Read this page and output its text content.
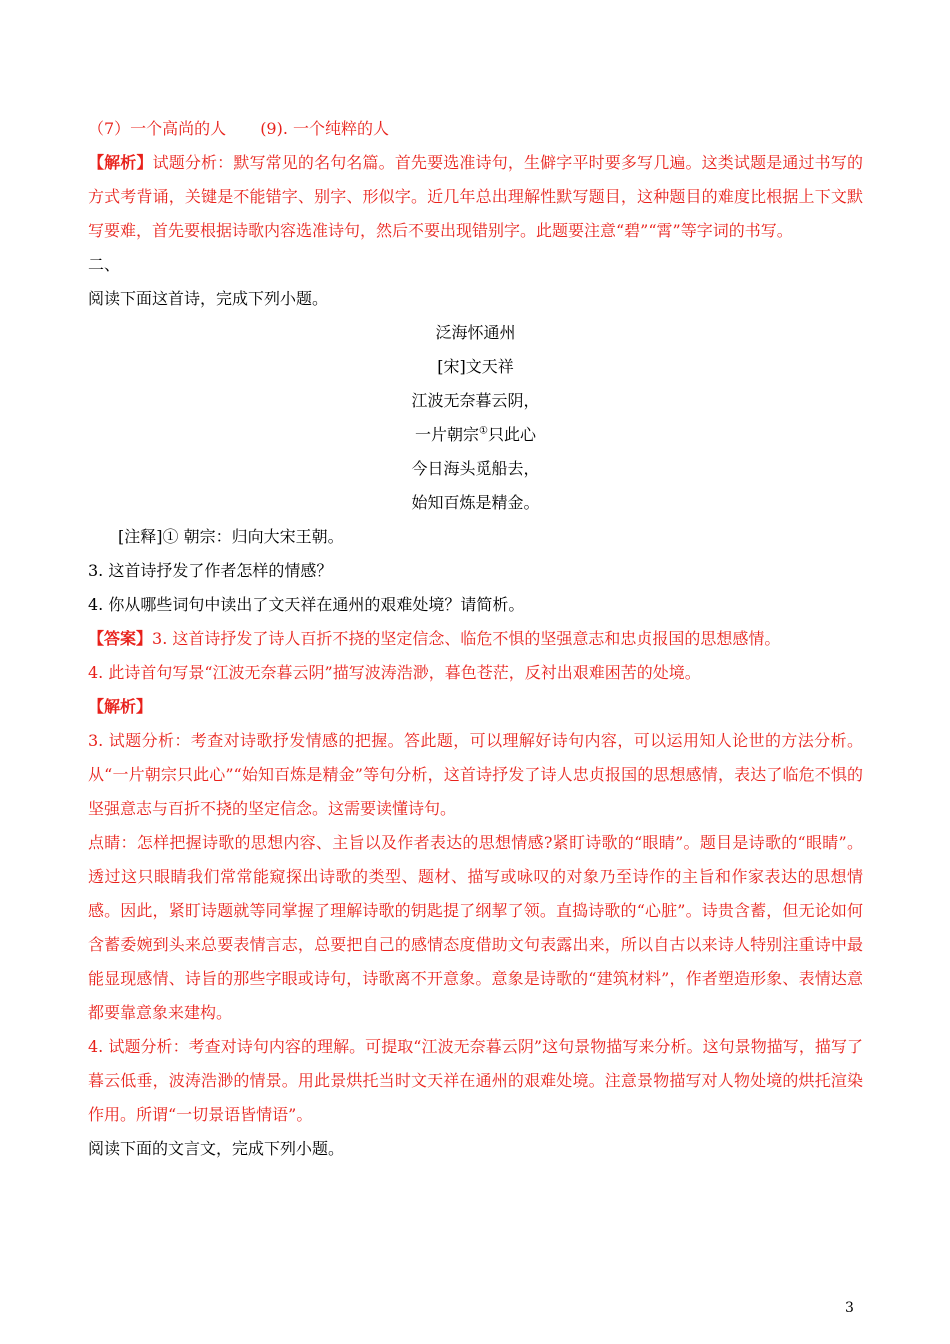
（7）一个高尚的人 (9). 一个纯粹的人

【解析】试题分析：默写常见的名句名篇。首先要选准诗句，生僻字平时要多写几遍。这类试题是通过书写的方式考背诵，关键是不能错字、别字、形似字。近几年总出理解性默写题目，这种题目的难度比根据上下文默写要难，首先要根据诗歌内容选准诗句，然后不要出现错别字。此题要注意“碧”“霄”等字词的书写。

二、

阅读下面这首诗，完成下列小题。

泛海怀通州

[宋]文天祥

江波无奈暮云阴，

一片朝宗①只此心

今日海头觅船去，

始知百炼是精金。

[注释]① 朝宗：归向大宋王朝。

3. 这首诗抒发了作者怎样的情感？

4. 你从哪些词句中读出了文天祥在通州的艰难处境？请简析。

【答案】3. 这首诗抒发了诗人百折不挠的坚定信念、临危不惧的坚强意志和忠贞报国的思想感情。

4. 此诗首句写景“江波无奈暮云阴”描写波涛浩渺，暮色苍茫，反衬出艰难困苦的处境。

【解析】

3. 试题分析：考查对诗歌抒发情感的把握。答此题，可以理解好诗句内容，可以运用知人论世的方法分析。从“一片朝宗只此心”“始知百炼是精金”等句分析，这首诗抒发了诗人忠贞报国的思想感情，表达了临危不惧的坚强意志与百折不挠的坚定信念。这需要读懂诗句。

点睛：怎样把握诗歌的思想内容、主旨以及作者表达的思想情感?紧盯诗歌的“眼睛”。题目是诗歌的“眼睛”。透过这只眼睛我们常常能窥探出诗歌的类型、题材、描写或咏叹的对象乃至诗作的主旨和作家表达的思想情感。因此，紧盯诗题就等同掌握了理解诗歌的钥匙提了纲挈了领。直捣诗歌的“心脏”。诗贵含蓄，但无论如何含蓄委婉到头来总要表情言志，总要把自己的感情态度借助文句表露出来，所以自古以来诗人特别注重诗中最能显现感情、诗旨的那些字眼或诗句，诗歌离不开意象。意象是诗歌的“建筑材料”，作者塑造形象、表情达意都要靠意象来建构。

4. 试题分析：考查对诗句内容的理解。可提取“江波无奈暮云阴”这句景物描写来分析。这句景物描写，描写了暮云低垂，波涛浩渺的情景。用此景烘托当时文天祥在通州的艰难处境。注意景物描写对人物处境的烘托渲染作用。所谓“一切景语皆情语”。

阅读下面的文言文，完成下列小题。

3
